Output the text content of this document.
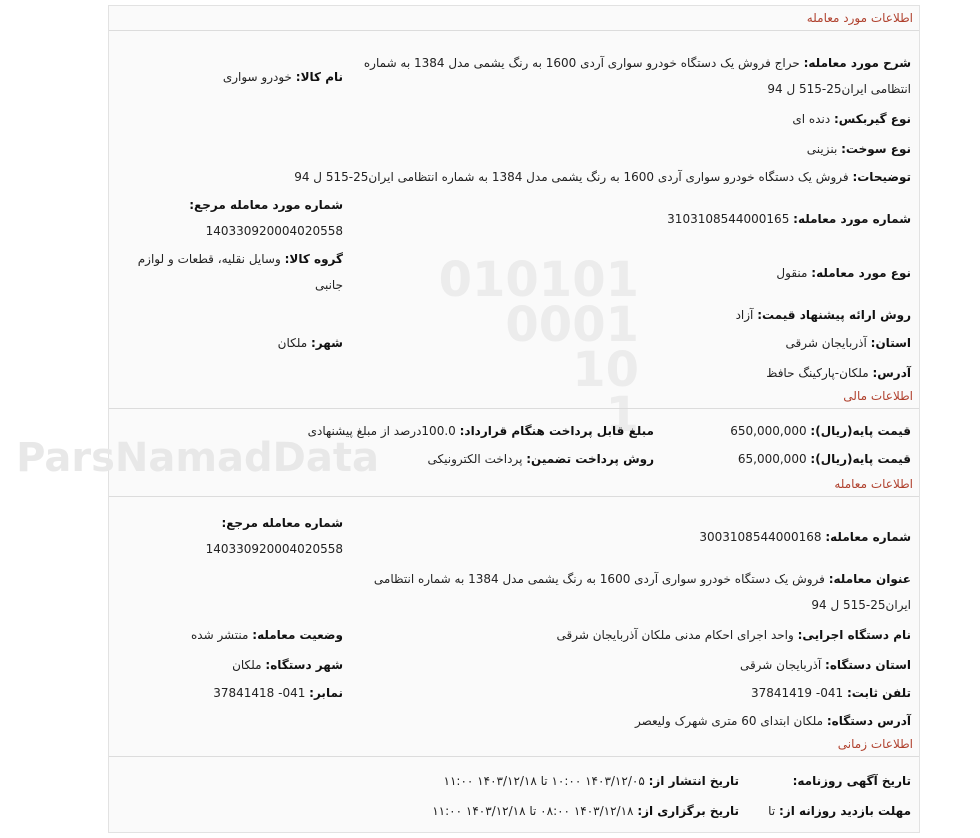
010101
0001
10
1
ParsNamadData
اطلاعات مورد معامله
شرح مورد معامله: حراج فروش یک دستگاه خودرو سواری آردی 1600 به رنگ یشمی مدل 1384 به شماره انتظامی ایران25-515 ل 94
نام کالا: خودرو سواری
نوع گیربکس: دنده ای
نوع سوخت: بنزینی
توضیحات: فروش یک دستگاه خودرو سواری آردی 1600 به رنگ یشمی مدل 1384 به شماره انتظامی ایران25-515 ل 94
شماره مورد معامله مرجع:
14033092000402055‌8
شماره مورد معامله: 3103108544000165
گروه کالا: وسایل نقلیه، قطعات و لوازم جانبی
نوع مورد معامله: منقول
روش ارائه پیشنهاد قیمت: آزاد
شهر: ملکان	استان: آذربایجان شرقی
آدرس: ملکان-پارکینگ حافظ
اطلاعات مالی
قیمت پایه(ریال): 650,000,000
مبلغ قابل پرداخت هنگام قرارداد: 100.0درصد از مبلغ پیشنهادی
قیمت پایه(ریال): 65,000,000
روش پرداخت تضمین: پرداخت الکترونیکی
اطلاعات معامله
شماره معامله مرجع:
14033092000402055‌8
شماره معامله: 3003108544000168
عنوان معامله: فروش یک دستگاه خودرو سواری آردی 1600 به رنگ یشمی مدل 1384 به شماره انتظامی ایران25-515 ل 94
وضعیت معامله: منتشر شده	نام دستگاه اجرایی: واحد اجرای احکام مدنی ملکان آذربایجان شرقی
شهر دستگاه: ملکان	استان دستگاه: آذربایجان شرقی
نمابر: 041- 37841418	تلفن ثابت: 041- 37841419
آدرس دستگاه: ملکان ابتدای 60 متری شهرک ولیعصر
اطلاعات زمانی
تاریخ آگهی روزنامه:
تاریخ انتشار از: ۱۴۰۳/۱۲/۰۵ ۱۰:۰۰ تا ۱۴۰۳/۱۲/۱۸ ۱۱:۰۰
مهلت بازدید روزانه از: تا
تاریخ برگزاری از: ۱۴۰۳/۱۲/۱۸ ۰۸:۰۰ تا ۱۴۰۳/۱۲/۱۸ ۱۱:۰۰
